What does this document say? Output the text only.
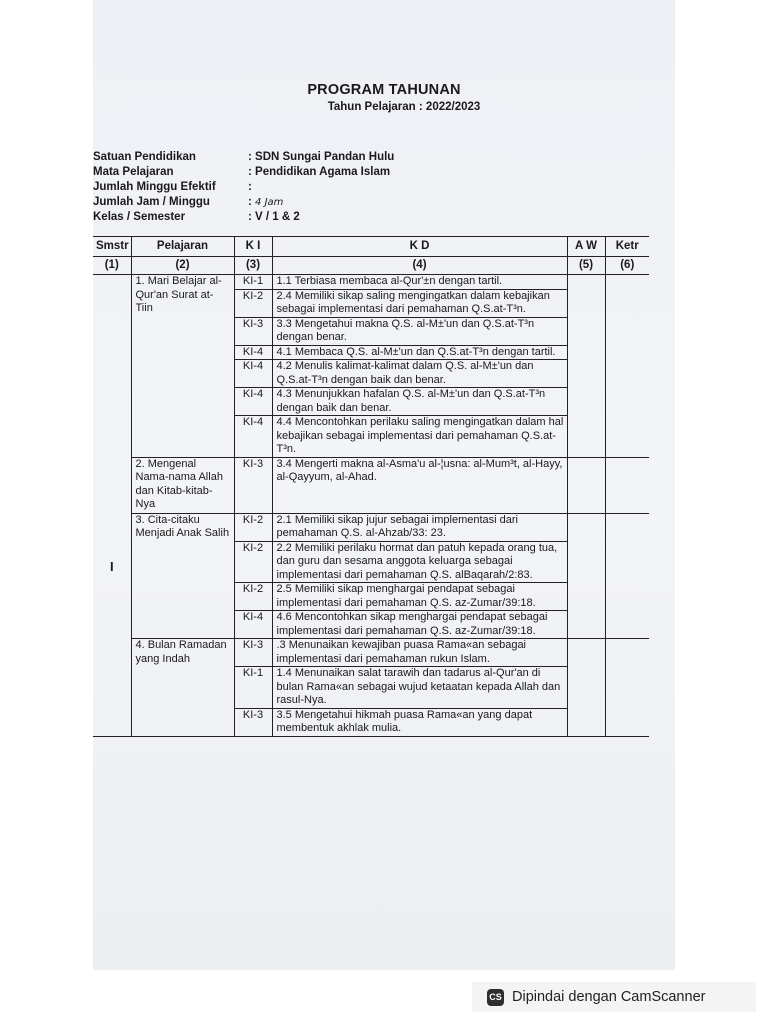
PROGRAM TAHUNAN
Tahun Pelajaran : 2022/2023
Satuan Pendidikan	: SDN Sungai Pandan Hulu
Mata Pelajaran	: Pendidikan Agama Islam
Jumlah Minggu Efektif	:
Jumlah Jam / Minggu	: 4 Jam
Kelas / Semester	: V / 1 & 2
Smstr	Pelajaran	K I	K D	A W	Ketr
(1)	(2)	(3)	(4)	(5)	(6)

I	1. Mari Belajar al-Qur'an Surat at-Tiin	KI-1	1.1 Terbiasa membaca al-Qur'±n dengan tartil.		
		KI-2	2.4 Memiliki sikap saling mengingatkan dalam kebajikan sebagai implementasi dari pemahaman Q.S.at-T³n.		
		KI-3	3.3 Mengetahui makna Q.S. al-M±'un dan Q.S.at-T³n dengan benar.		
		KI-4	4.1 Membaca Q.S. al-M±'un dan Q.S.at-T³n dengan tartil.		
		KI-4	4.2 Menulis kalimat-kalimat dalam Q.S. al-M±'un dan Q.S.at-T³n dengan baik dan benar.		
		KI-4	4.3 Menunjukkan hafalan Q.S. al-M±'un dan Q.S.at-T³n dengan baik dan benar.		
		KI-4	4.4 Mencontohkan perilaku saling mengingatkan dalam hal kebajikan sebagai implementasi dari pemahaman Q.S.at-T³n.		
	2. Mengenal Nama-nama Allah dan Kitab-kitab-Nya	KI-3	3.4 Mengerti makna al-Asma'u al-¦usna: al-Mum³t, al-Hayy, al-Qayyum, al-Ahad.		
	3. Cita-citaku Menjadi Anak Salih	KI-2	2.1 Memiliki sikap jujur sebagai implementasi dari pemahaman Q.S. al-Ahzab/33: 23.		
		KI-2	2.2 Memiliki perilaku hormat dan patuh kepada orang tua, dan guru dan sesama anggota keluarga sebagai implementasi dari pemahaman Q.S. alBaqarah/2:83.		
		KI-2	2.5 Memiliki sikap menghargai pendapat sebagai implementasi dari pemahaman Q.S. az-Zumar/39:18.		
		KI-4	4.6 Mencontohkan sikap menghargai pendapat sebagai implementasi dari pemahaman Q.S. az-Zumar/39:18.		
	4. Bulan Ramadan yang Indah	KI-3	.3 Menunaikan kewajiban puasa Rama«an sebagai implementasi dari pemahaman rukun Islam.		
		KI-1	1.4 Menunaikan salat tarawih dan tadarus al-Qur'an di bulan Rama«an sebagai wujud ketaatan kepada Allah dan rasul-Nya.		
		KI-3	3.5 Mengetahui hikmah puasa Rama«an yang dapat membentuk akhlak mulia.		
CS Dipindai dengan CamScanner
